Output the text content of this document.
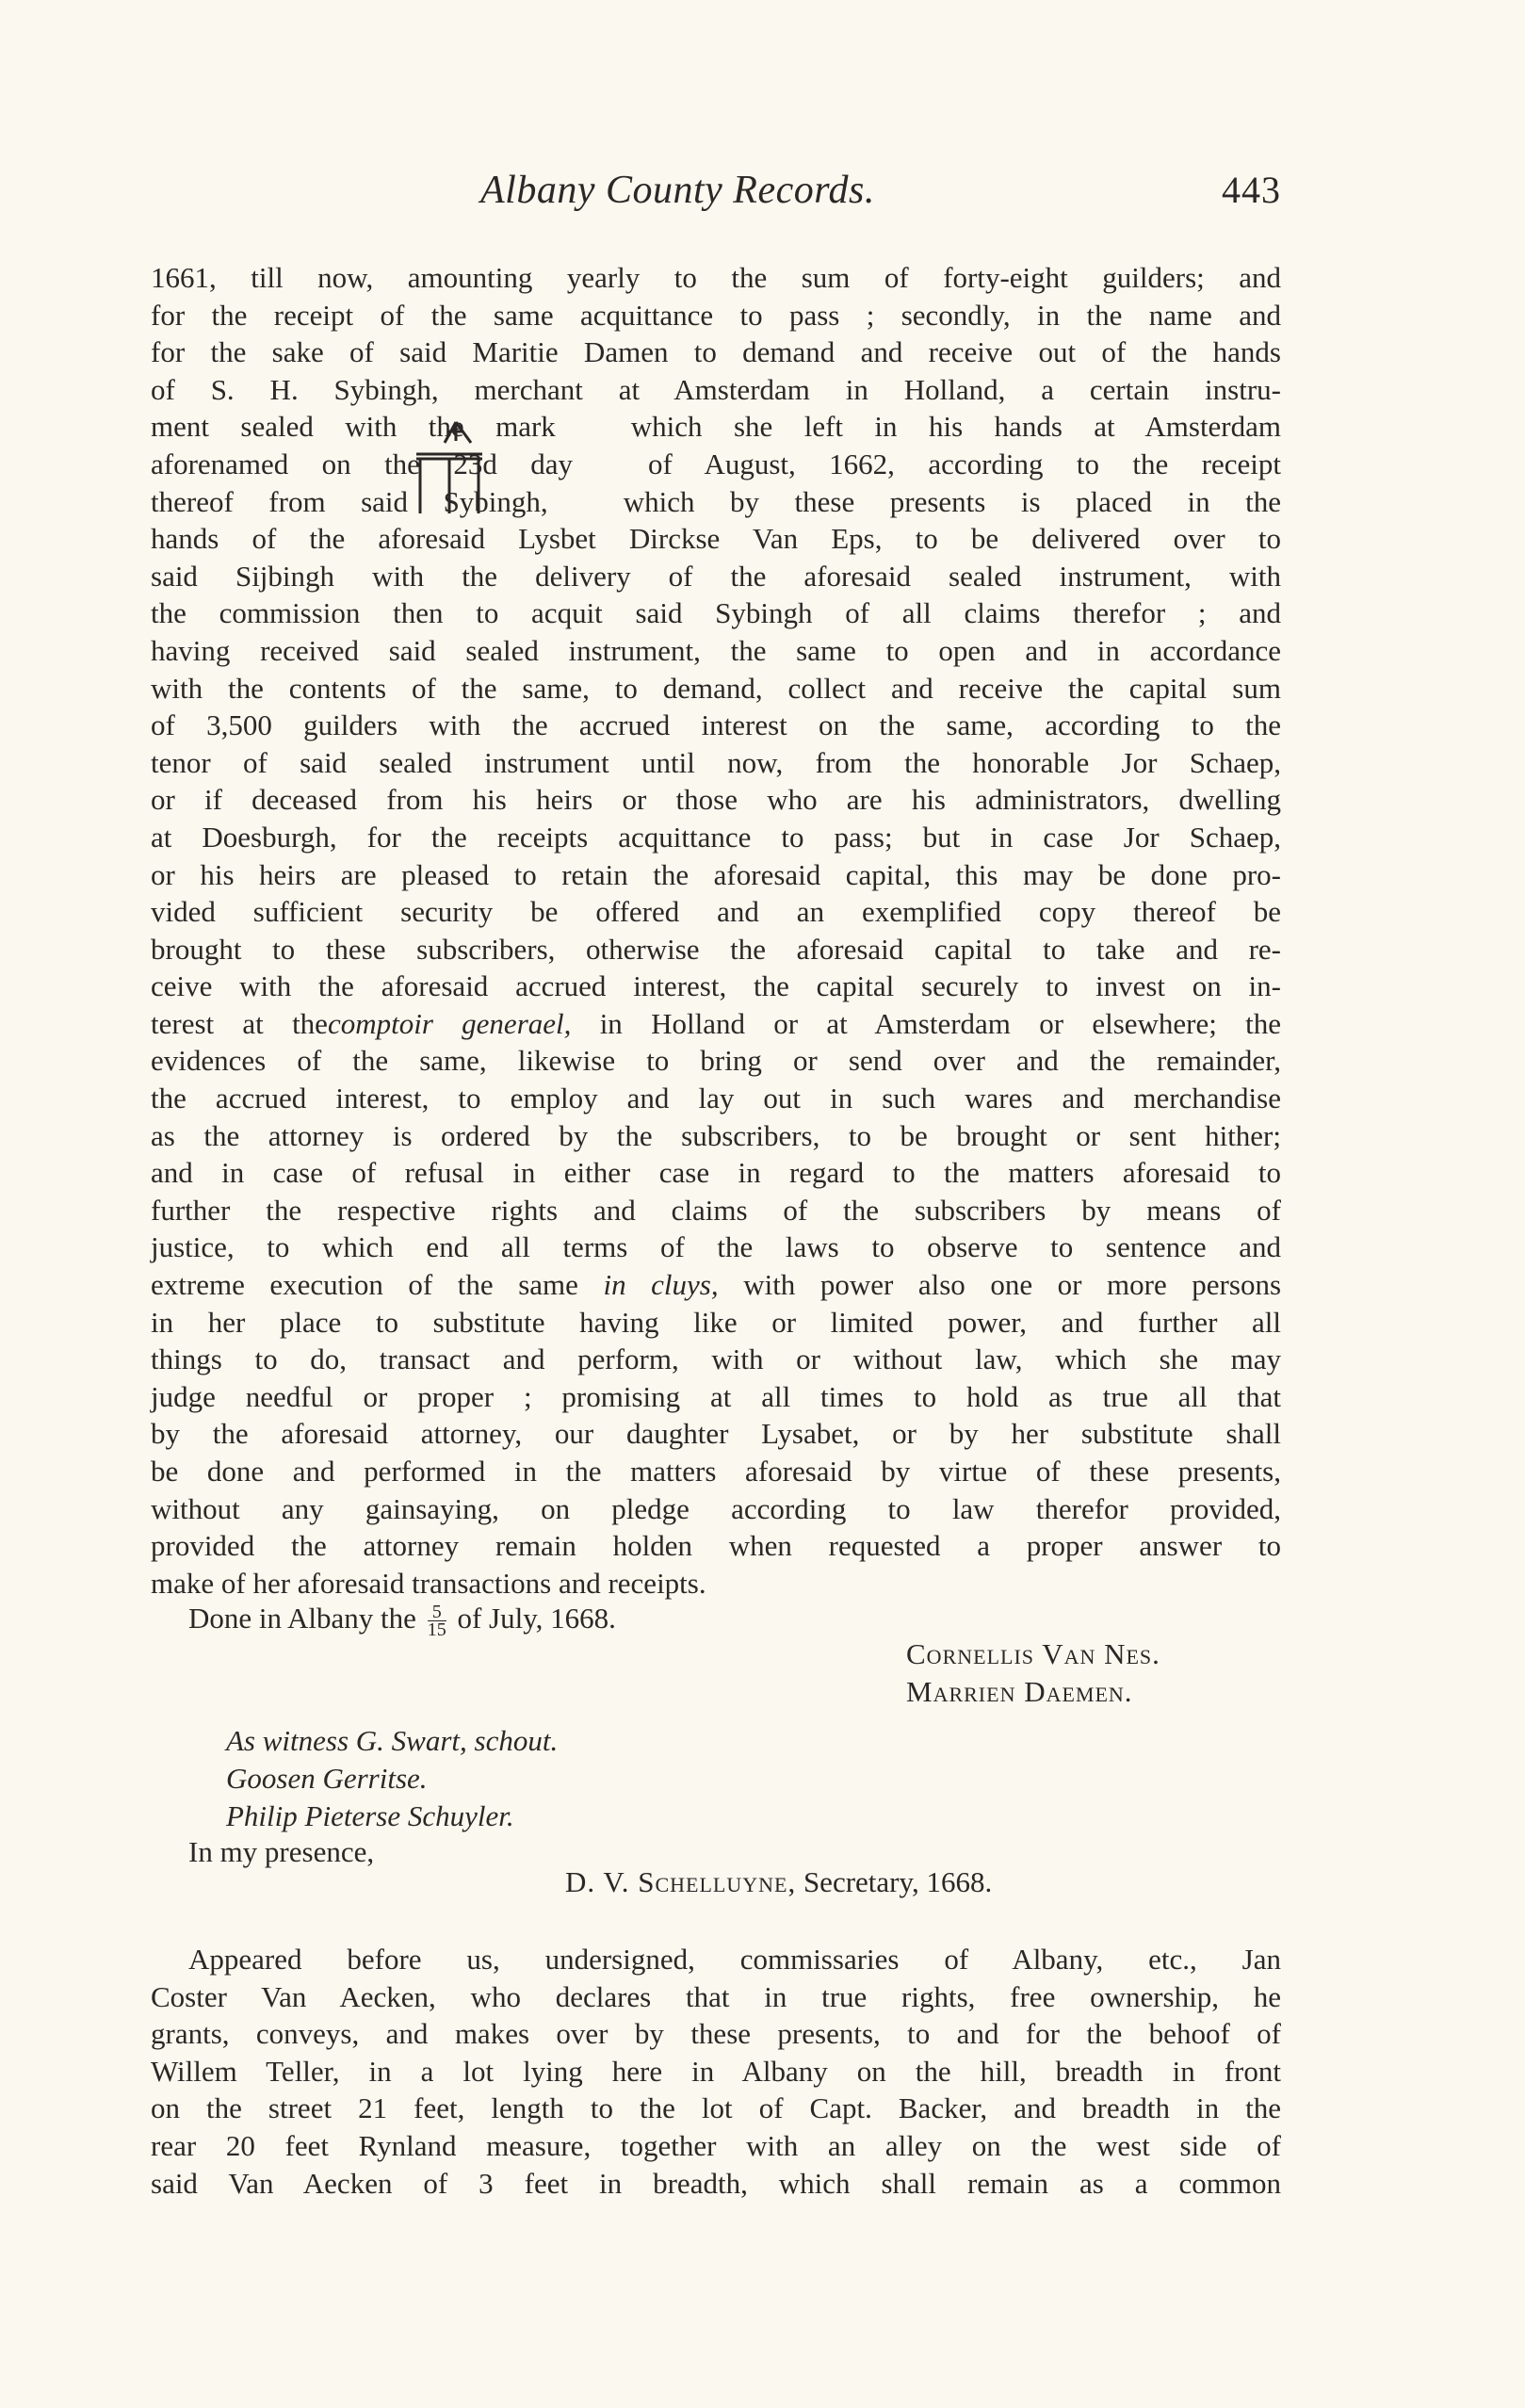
Albany County Records.	443
1661, till now, amounting yearly to the sum of forty-eight guilders; and
for the receipt of the same acquittance to pass ; secondly, in the name and
for the sake of said Maritie Damen to demand and receive out of the hands
of S. H. Sybingh, merchant at Amsterdam in Holland, a certain instru-
ment sealed with the mark	which she left in his hands at Amsterdam
aforenamed on the 23d day	of August, 1662, according to the receipt
thereof from said Sybingh,	which by these presents is placed in the
hands of the aforesaid Lysbet Dirckse Van Eps, to be delivered over to
said Sijbingh with the delivery of the aforesaid sealed instrument, with
the commission then to acquit said Sybingh of all claims therefor ; and
having received said sealed instrument, the same to open and in accordance
with the contents of the same, to demand, collect and receive the capital sum
of 3,500 guilders with the accrued interest on the same, according to the
tenor of said sealed instrument until now, from the honorable Jor Schaep,
or if deceased from his heirs or those who are his administrators, dwelling
at Doesburgh, for the receipts acquittance to pass; but in case Jor Schaep,
or his heirs are pleased to retain the aforesaid capital, this may be done pro-
vided sufficient security be offered and an exemplified copy thereof be
brought to these subscribers, otherwise the aforesaid capital to take and re-
ceive with the aforesaid accrued interest, the capital securely to invest on in-
terest at thecomptoir generael, in Holland or at Amsterdam or elsewhere; the
evidences of the same, likewise to bring or send over and the remainder,
the accrued interest, to employ and lay out in such wares and merchandise
as the attorney is ordered by the subscribers, to be brought or sent hither;
and in case of refusal in either case in regard to the matters aforesaid to
further the respective rights and claims of the subscribers by means of
justice, to which end all terms of the laws to observe to sentence and
extreme execution of the same in cluys, with power also one or more persons
in her place to substitute having like or limited power, and further all
things to do, transact and perform, with or without law, which she may
judge needful or proper ; promising at all times to hold as true all that
by the aforesaid attorney, our daughter Lysabet, or by her substitute shall
be done and performed in the matters aforesaid by virtue of these presents,
without any gainsaying, on pledge according to law therefor provided,
provided the attorney remain holden when requested a proper answer to
make of her aforesaid transactions and receipts.
Done in Albany the $\frac{5}{15}$ of July, 1668.
Cornellis Van Nes.
Marrien Daemen.
As witness G. Swart, schout.
Goosen Gerritse.
Philip Pieterse Schuyler.
In my presence,
D. V. Schelluyne, Secretary, 1668.
Appeared before us, undersigned, commissaries of Albany, etc., Jan
Coster Van Aecken, who declares that in true rights, free ownership, he
grants, conveys, and makes over by these presents, to and for the behoof of
Willem Teller, in a lot lying here in Albany on the hill, breadth in front
on the street 21 feet, length to the lot of Capt. Backer, and breadth in the
rear 20 feet Rynland measure, together with an alley on the west side of
said Van Aecken of 3 feet in breadth, which shall remain as a common
